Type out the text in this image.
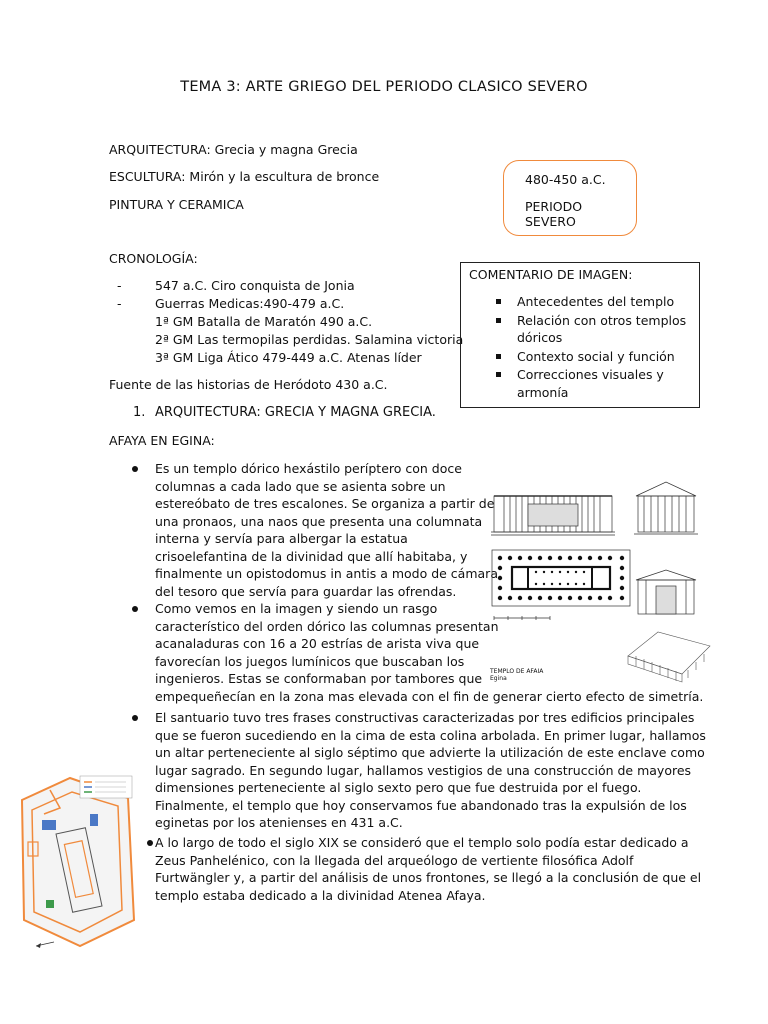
TEMA 3: ARTE GRIEGO DEL PERIODO CLASICO SEVERO
ARQUITECTURA: Grecia y magna Grecia
ESCULTURA: Mirón y la escultura de bronce
PINTURA Y CERAMICA
480-450 a.C.
PERIODO SEVERO
CRONOLOGÍA:
-	547 a.C. Ciro conquista de Jonia
-	Guerras Medicas:490-479 a.C.
1ª GM Batalla de Maratón 490 a.C.
2ª GM Las termopilas perdidas. Salamina victoria
3ª GM Liga Ático 479-449 a.C. Atenas líder
Fuente de las historias de Heródoto 430 a.C.
COMENTARIO DE IMAGEN:
Antecedentes del templo
Relación con otros templos
dóricos
Contexto social y función
Correcciones visuales y
armonía
1. ARQUITECTURA: GRECIA Y MAGNA GRECIA.
AFAYA EN EGINA:
Es un templo dórico hexástilo períptero con doce
columnas a cada lado que se asienta sobre un
estereóbato de tres escalones. Se organiza a partir de
una pronaos, una naos que presenta una columnata
interna y servía para albergar la estatua
crisoelefantina de la divinidad que allí habitaba, y
finalmente un opistodomus in antis a modo de cámara
del tesoro que servía para guardar las ofrendas.
Como vemos en la imagen y siendo un rasgo
característico del orden dórico las columnas presentan
acanaladuras con 16 a 20 estrías de arista viva que
favorecían los juegos lumínicos que buscaban los
ingenieros. Estas se conformaban por tambores que
empequeñecían en la zona mas elevada con el fin de generar cierto efecto de simetría.
El santuario tuvo tres frases constructivas caracterizadas por tres edificios principales
que se fueron sucediendo en la cima de esta colina arbolada. En primer lugar, hallamos
un altar perteneciente al siglo séptimo que advierte la utilización de este enclave como
lugar sagrado. En segundo lugar, hallamos vestigios de una construcción de mayores
dimensiones perteneciente al siglo sexto pero que fue destruida por el fuego.
Finalmente, el templo que hoy conservamos fue abandonado tras la expulsión de los
eginetas por los atenienses en 431 a.C.
A lo largo de todo el siglo XIX se consideró que el templo solo podía estar dedicado a
Zeus Panhelénico, con la llegada del arqueólogo de vertiente filosófica Adolf
Furtwängler y, a partir del análisis de unos frontones, se llegó a la conclusión de que el
templo estaba dedicado a la divinidad Atenea Afaya.
TEMPLO DE AFAIA
Egina
